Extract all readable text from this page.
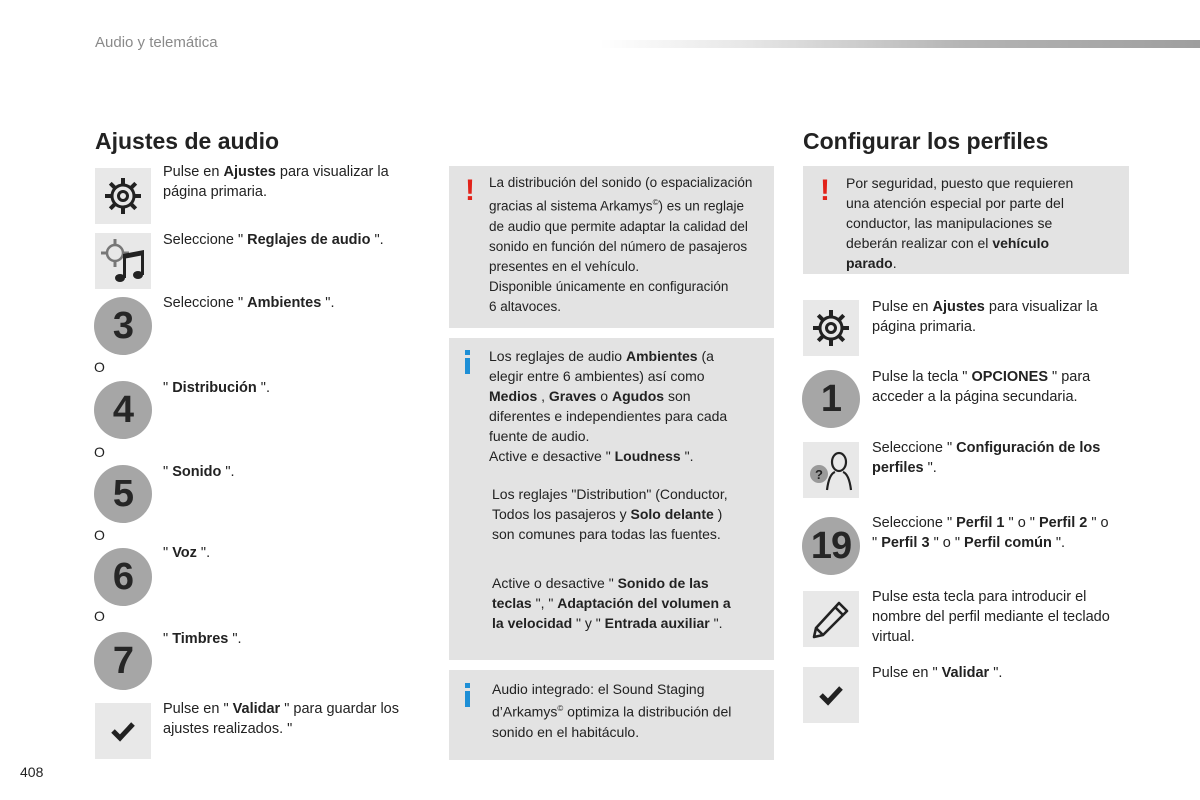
Audio y telemática
Ajustes de audio
Pulse en Ajustes para visualizar la
página primaria.
Seleccione " Reglajes de audio ".
3
Seleccione " Ambientes ".
O
4
" Distribución ".
O
5
" Sonido ".
O
6
" Voz ".
O
7
" Timbres ".
Pulse en " Validar " para guardar los
ajustes realizados. "
! La distribución del sonido (o espacialización
gracias al sistema Arkamys©) es un reglaje
de audio que permite adaptar la calidad del
sonido en función del número de pasajeros
presentes en el vehículo.
Disponible únicamente en configuración
6 altavoces.
Los reglajes de audio Ambientes (a
elegir entre 6 ambientes) así como
Medios , Graves o Agudos son
diferentes e independientes para cada
fuente de audio.
Active e desactive " Loudness ".
Los reglajes "Distribution" (Conductor,
Todos los pasajeros y Solo delante )
son comunes para todas las fuentes.
Active o desactive " Sonido de las
teclas ", " Adaptación del volumen a
la velocidad " y " Entrada auxiliar ".
Audio integrado: el Sound Staging
d’Arkamys© optimiza la distribución del
sonido en el habitáculo.
Configurar los perfiles
! Por seguridad, puesto que requieren
una atención especial por parte del
conductor, las manipulaciones se
deberán realizar con el vehículo
parado.
Pulse en Ajustes para visualizar la
página primaria.
1
Pulse la tecla " OPCIONES " para
acceder a la página secundaria.
?
Seleccione " Configuración de los
perfiles ".
19
Seleccione " Perfil 1 " o " Perfil 2 " o
" Perfil 3 " o " Perfil común ".
Pulse esta tecla para introducir el
nombre del perfil mediante el teclado
virtual.
Pulse en " Validar ".
408
